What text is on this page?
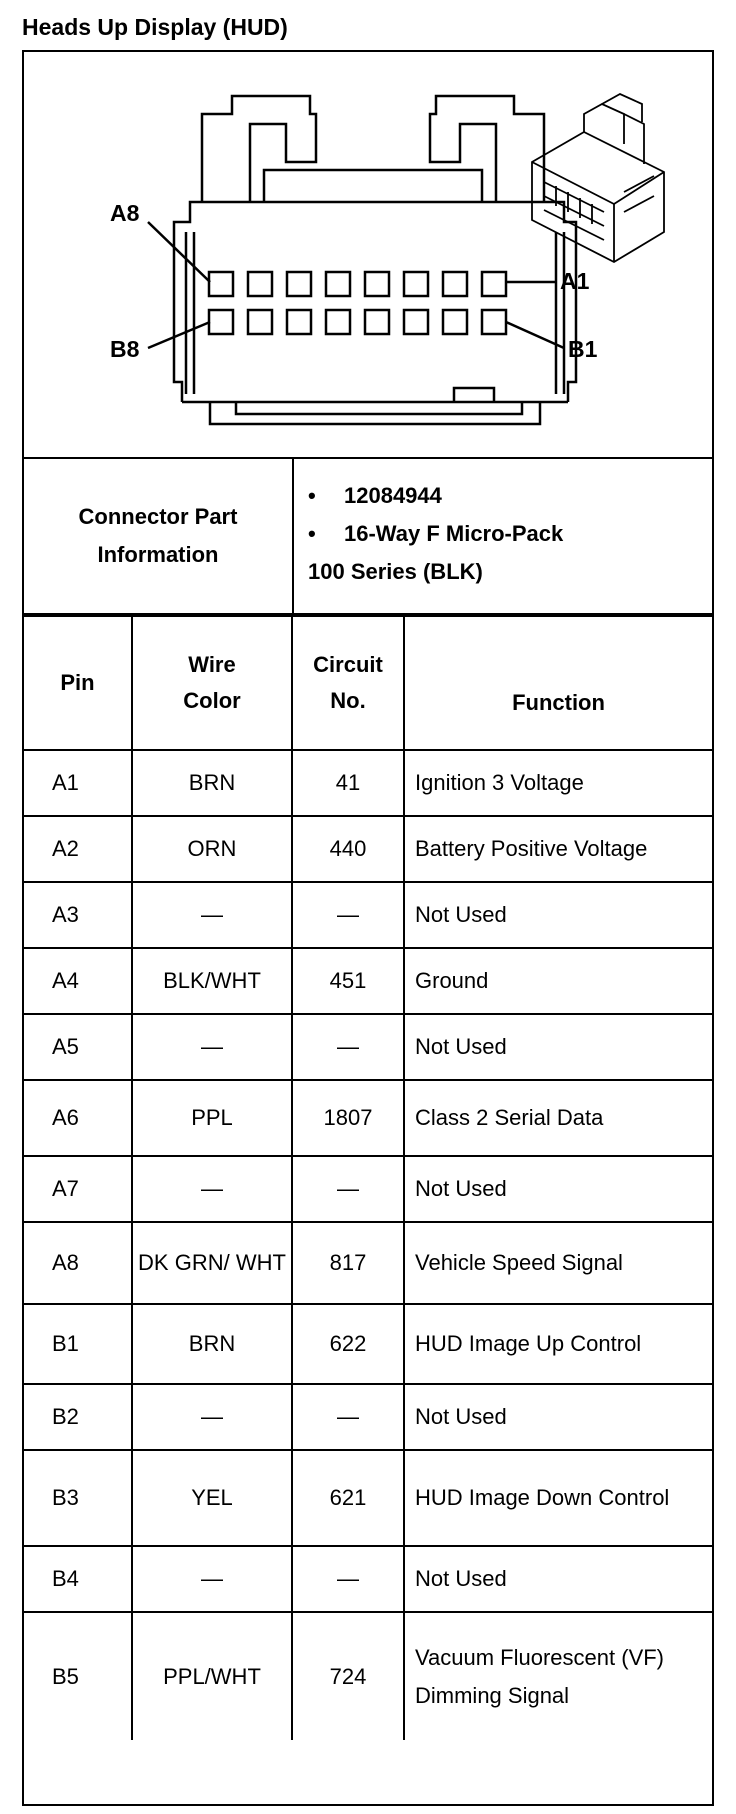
Heads Up Display (HUD)
A8
A1
B8	B1
Connector Part Information
•	12084944
•	16-Way F Micro-Pack
100 Series (BLK)
Pin	Wire Color	Circuit No.	Function
A1	BRN	41	Ignition 3 Voltage
A2	ORN	440	Battery Positive Voltage
A3	—	—	Not Used
A4	BLK/WHT	451	Ground
A5	—	—	Not Used
A6	PPL	1807	Class 2 Serial Data
A7	—	—	Not Used
A8	DK GRN/ WHT	817	Vehicle Speed Signal
B1	BRN	622	HUD Image Up Control
B2	—	—	Not Used
B3	YEL	621	HUD Image Down Control
B4	—	—	Not Used
B5	PPL/WHT	724	Vacuum Fluorescent (VF) Dimming Signal
